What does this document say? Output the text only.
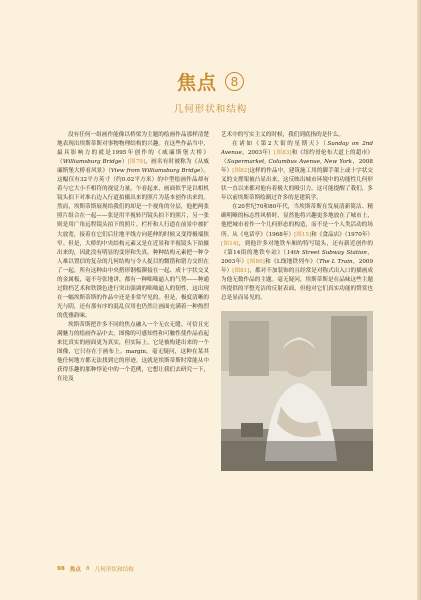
焦点	8
几何形状和结构

没有任何一组画作能像以桥梁为主题的绘画作品那样清楚地表现出埃斯蒂斯对事物物理结构的兴趣。在这些作品当中，最具影响力的就是1995年创作的《威廉斯堡大桥》（Williamsburg Bridge）[图79]，画名有时被称为《从威廉斯堡大桥看风景》（View from Williamsburg Bridge）。这幅仅有32平方英寸（约0.02平方米）的中型绘画作品却有着与它大小不相符的视觉力量。乍看起来，画面似乎是以相机镜头拍下对准右边入行道拍摄出来的照片为基本创作出来的。然而，埃斯蒂斯展现给我们的却是一个视角的分层，他把两张照片组合在一起——张是用平视转円镜头拍下的照片，另一张则是用广角远程镜头拍下的照片。栏杆和人行道在前景中被扩大放宽，接着在它们后往地平线方向延伸的时候又变得极端狭窄。但是，大桥的中央结构元素又是在近景和平视镜头下拍摄出来的，因此没有明显的变形和失真。种种结构元素把一种令人难以置信的复杂的几何结构与令人捉目的微错和错力交织在了一起，所有这种由中央搭形钢板铆接在一起、成十字状交叉的金属板，毫不夸张地讲，都有一种咄咄逼人的气势——种通过除档艺术和铁锈色进行突出强调的咄咄逼人的韧性，这出现在一幅埃斯蒂斯的作品中还是非常罕见的。但是，极度清晰的光与阴，还有那有序的混乱仅用也仍然让画面充满着一种热烈的优雅韵味。

埃斯蒂斯把许多不同的焦点融入一个无衣无缝、可信且充满魅力的绘画作品中去。图像的可感知性和可触性使作品看起来比真实的画面更为真实，但实际上，它是被构建出来的一个图像，它只存在于画布上。margin。毫无疑问，这种在某其他任何地方都无法找到它的形迹。这就是埃斯蒂斯时常能从中获得乐趣的那种悖论中的一个范例，它想让我们去研究一下，在论及

艺术中的写实主义的时候，我们到底指的是什么。

在诸如《第2大街的星期天》（Sunday on 2nd Avenue，2003年）[图83]和《纽约哥伦布大道上的超市》（Supermarket, Columbus Avenue, New York，2008年）[图82]这样的作品中，建筑施工用的脚手架上或十字状交叉的支撑架被凸显出来，这反映出城市环境中的功能性几何形状一直以来都对他有着极大的吸引力。这可能提醒了我们，多年以前埃斯蒂斯绘制过许多的是建筑学。

在20世纪70和80年代，当埃斯蒂斯在发展清新简洁、精确明晰的标志性风格时，显然他将兴趣更多地放在了城市上，他把城市看作一个几何形态的构造，而不是一个人类活动的场所。从《电话亭》（1968年）[图15]和《食品店》（1970年）[图14]，到他许多对地铁车厢的特写镜头，还有新近创作的《第14街的地铁车站》（14th Street Subway Station，2003年）[图80]和《L线地铁列车》（The L Train，2009年）[图81]，都对不加装饰的且经常是对称式出入口的描画成为他无数作品的主题。毫无疑问，埃斯蒂斯是在品味这些主题所提供的平整光洁的反射表面，但他对它们真实功能的赞赏也总是显而易见的。

98 焦点 8 几何形状和结构
